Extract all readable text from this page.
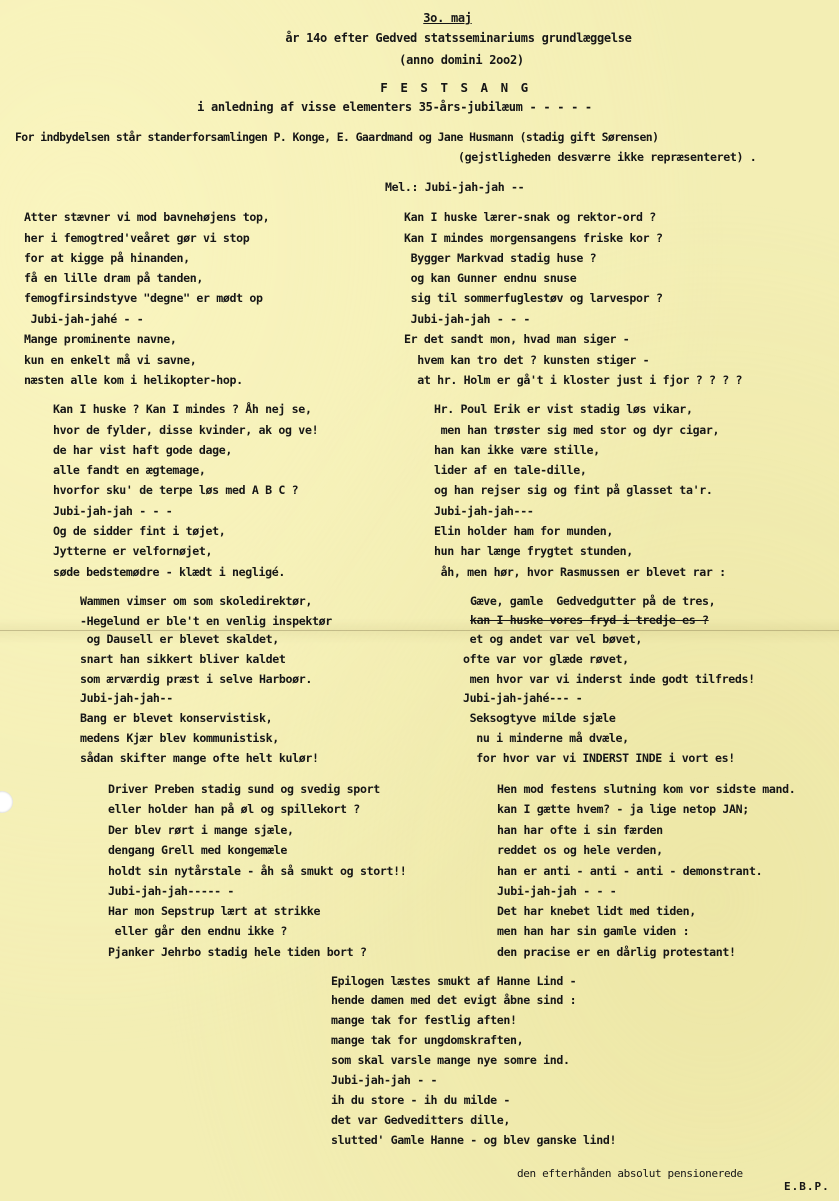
3o. maj
år 14o efter Gedved statsseminariums grundlæggelse
(anno domini 2oo2)
F E S T S A N G
i anledning af visse elementers 35-års-jubilæum - - - - -
For indbydelsen står standerforsamlingen P. Konge, E. Gaardmand og Jane Husmann (stadig gift Sørensen)
(gejstligheden desværre ikke repræsenteret) .
Mel.: Jubi-jah-jah --
Atter stævner vi mod bavnehøjens top,
her i femogtred'veåret gør vi stop
for at kigge på hinanden,
få en lille dram på tanden,
femogfirsindstyve "degne" er mødt op
Jubi-jah-jahé - -
Mange prominente navne,
kun en enkelt må vi savne,
næsten alle kom i helikopter-hop.
Kan I huske ? Kan I mindes ? Åh nej se,
hvor de fylder, disse kvinder, ak og ve!
de har vist haft gode dage,
alle fandt en ægtemage,
hvorfor sku' de terpe løs med A B C ?
Jubi-jah-jah - - -
Og de sidder fint i tøjet,
Jytterne er velfornøjet,
søde bedstemødre - klædt i negligé.
Wammen vimser om som skoledirektør,
-Hegelund er ble't en venlig inspektør
og Dausell er blevet skaldet,
snart han sikkert bliver kaldet
som ærværdig præst i selve Harboør.
Jubi-jah-jah--
Bang er blevet konservistisk,
medens Kjær blev kommunistisk,
sådan skifter mange ofte helt kulør!
Driver Preben stadig sund og svedig sport
eller holder han på øl og spillekort ?
Der blev rørt i mange sjæle,
dengang Grell med kongemæle
holdt sin nytårstale - åh så smukt og stort!!
Jubi-jah-jah----- -
Har mon Sepstrup lært at strikke
eller går den endnu ikke ?
Pjanker Jehrbo stadig hele tiden bort ?
Kan I huske lærer-snak og rektor-ord ?
Kan I mindes morgensangens friske kor ?
Bygger Markvad stadig huse ?
og kan Gunner endnu snuse
sig til sommerfuglestøv og larvespor ?
Jubi-jah-jah - - -
Er det sandt mon, hvad man siger -
hvem kan tro det ? kunsten stiger -
at hr. Holm er gå't i kloster just i fjor ? ? ? ?
Hr. Poul Erik er vist stadig løs vikar,
men han trøster sig med stor og dyr cigar,
han kan ikke være stille,
lider af en tale-dille,
og han rejser sig og fint på glasset ta'r.
Jubi-jah-jah---
Elin holder ham for munden,
hun har længe frygtet stunden,
åh, men hør, hvor Rasmussen er blevet rar :
Gæve, gamle  Gedvedgutter på de tres,
kan I huske vores fryd i tredje es ?
et og andet var vel bøvet,
ofte var vor glæde røvet,
men hvor var vi inderst inde godt tilfreds!
Jubi-jah-jahé--- -
Seksogtyve milde sjæle
nu i minderne må dvæle,
for hvor var vi INDERST INDE i vort es!
Hen mod festens slutning kom vor sidste mand.
kan I gætte hvem? - ja lige netop JAN;
han har ofte i sin færden
reddet os og hele verden,
han er anti - anti - anti - demonstrant.
Jubi-jah-jah - - -
Det har knebet lidt med tiden,
men han har sin gamle viden :
den pracise er en dårlig protestant!
Epilogen læstes smukt af Hanne Lind -
hende damen med det evigt åbne sind :
mange tak for festlig aften!
mange tak for ungdomskraften,
som skal varsle mange nye somre ind.
Jubi-jah-jah - -
ih du store - ih du milde -
det var Gedveditters dille,
slutted' Gamle Hanne - og blev ganske lind!
den efterhånden absolut pensionerede
E.B.P.
